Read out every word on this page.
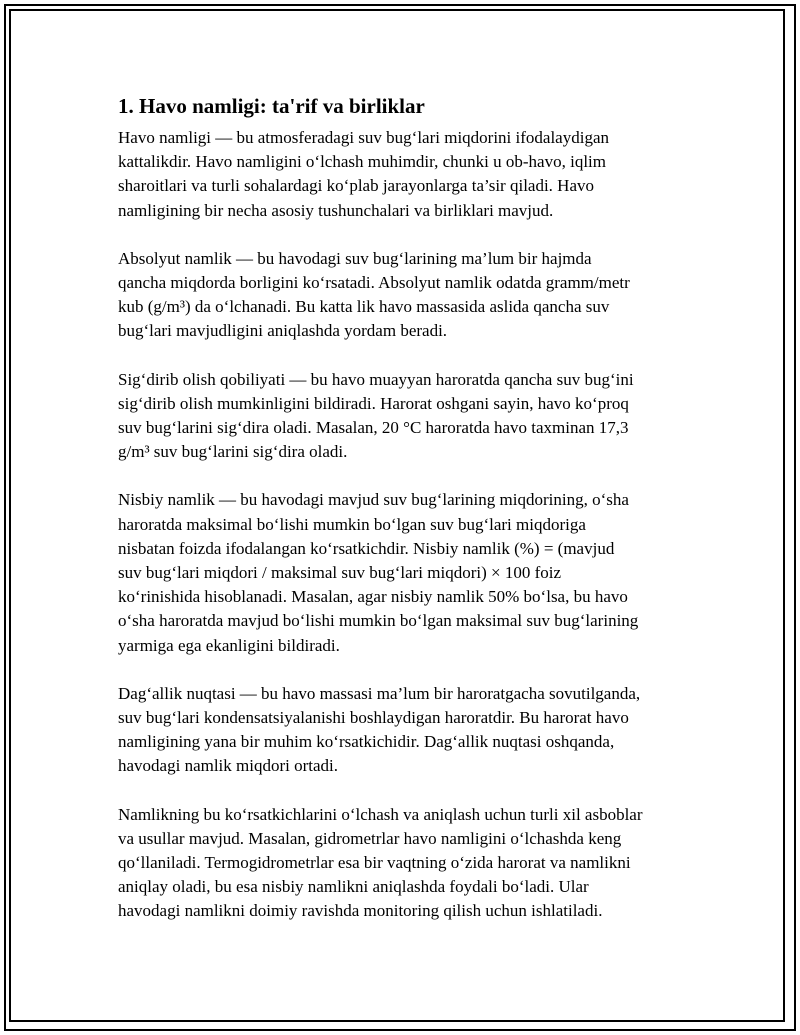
1. Havo namligi: ta'rif va birliklar
Havo namligi — bu atmosferadagi suv bug‘lari miqdorini ifodalaydigan
kattalikdir. Havo namligini o‘lchash muhimdir, chunki u ob-havo, iqlim
sharoitlari va turli sohalardagi ko‘plab jarayonlarga ta’sir qiladi. Havo
namligining bir necha asosiy tushunchalari va birliklari mavjud.
Absolyut namlik — bu havodagi suv bug‘larining ma’lum bir hajmda
qancha miqdorda borligini ko‘rsatadi. Absolyut namlik odatda gramm/metr
kub (g/m³) da o‘lchanadi. Bu katta lik havo massasida aslida qancha suv
bug‘lari mavjudligini aniqlashda yordam beradi.
Sig‘dirib olish qobiliyati — bu havo muayyan haroratda qancha suv bug‘ini
sig‘dirib olish mumkinligini bildiradi. Harorat oshgani sayin, havo ko‘proq
suv bug‘larini sig‘dira oladi. Masalan, 20 °C haroratda havo taxminan 17,3
g/m³ suv bug‘larini sig‘dira oladi.
Nisbiy namlik — bu havodagi mavjud suv bug‘larining miqdorining, o‘sha
haroratda maksimal bo‘lishi mumkin bo‘lgan suv bug‘lari miqdoriga
nisbatan foizda ifodalangan ko‘rsatkichdir. Nisbiy namlik (%) = (mavjud
suv bug‘lari miqdori / maksimal suv bug‘lari miqdori) × 100 foiz
ko‘rinishida hisoblanadi. Masalan, agar nisbiy namlik 50% bo‘lsa, bu havo
o‘sha haroratda mavjud bo‘lishi mumkin bo‘lgan maksimal suv bug‘larining
yarmiga ega ekanligini bildiradi.
Dag‘allik nuqtasi — bu havo massasi ma’lum bir haroratgacha sovutilganda,
suv bug‘lari kondensatsiyalanishi boshlaydigan haroratdir. Bu harorat havo
namligining yana bir muhim ko‘rsatkichidir. Dag‘allik nuqtasi oshqanda,
havodagi namlik miqdori ortadi.
Namlikning bu ko‘rsatkichlarini o‘lchash va aniqlash uchun turli xil asboblar
va usullar mavjud. Masalan, gidrometrlar havo namligini o‘lchashda keng
qo‘llaniladi. Termogidrometrlar esa bir vaqtning o‘zida harorat va namlikni
aniqlay oladi, bu esa nisbiy namlikni aniqlashda foydali bo‘ladi. Ular
havodagi namlikni doimiy ravishda monitoring qilish uchun ishlatiladi.
